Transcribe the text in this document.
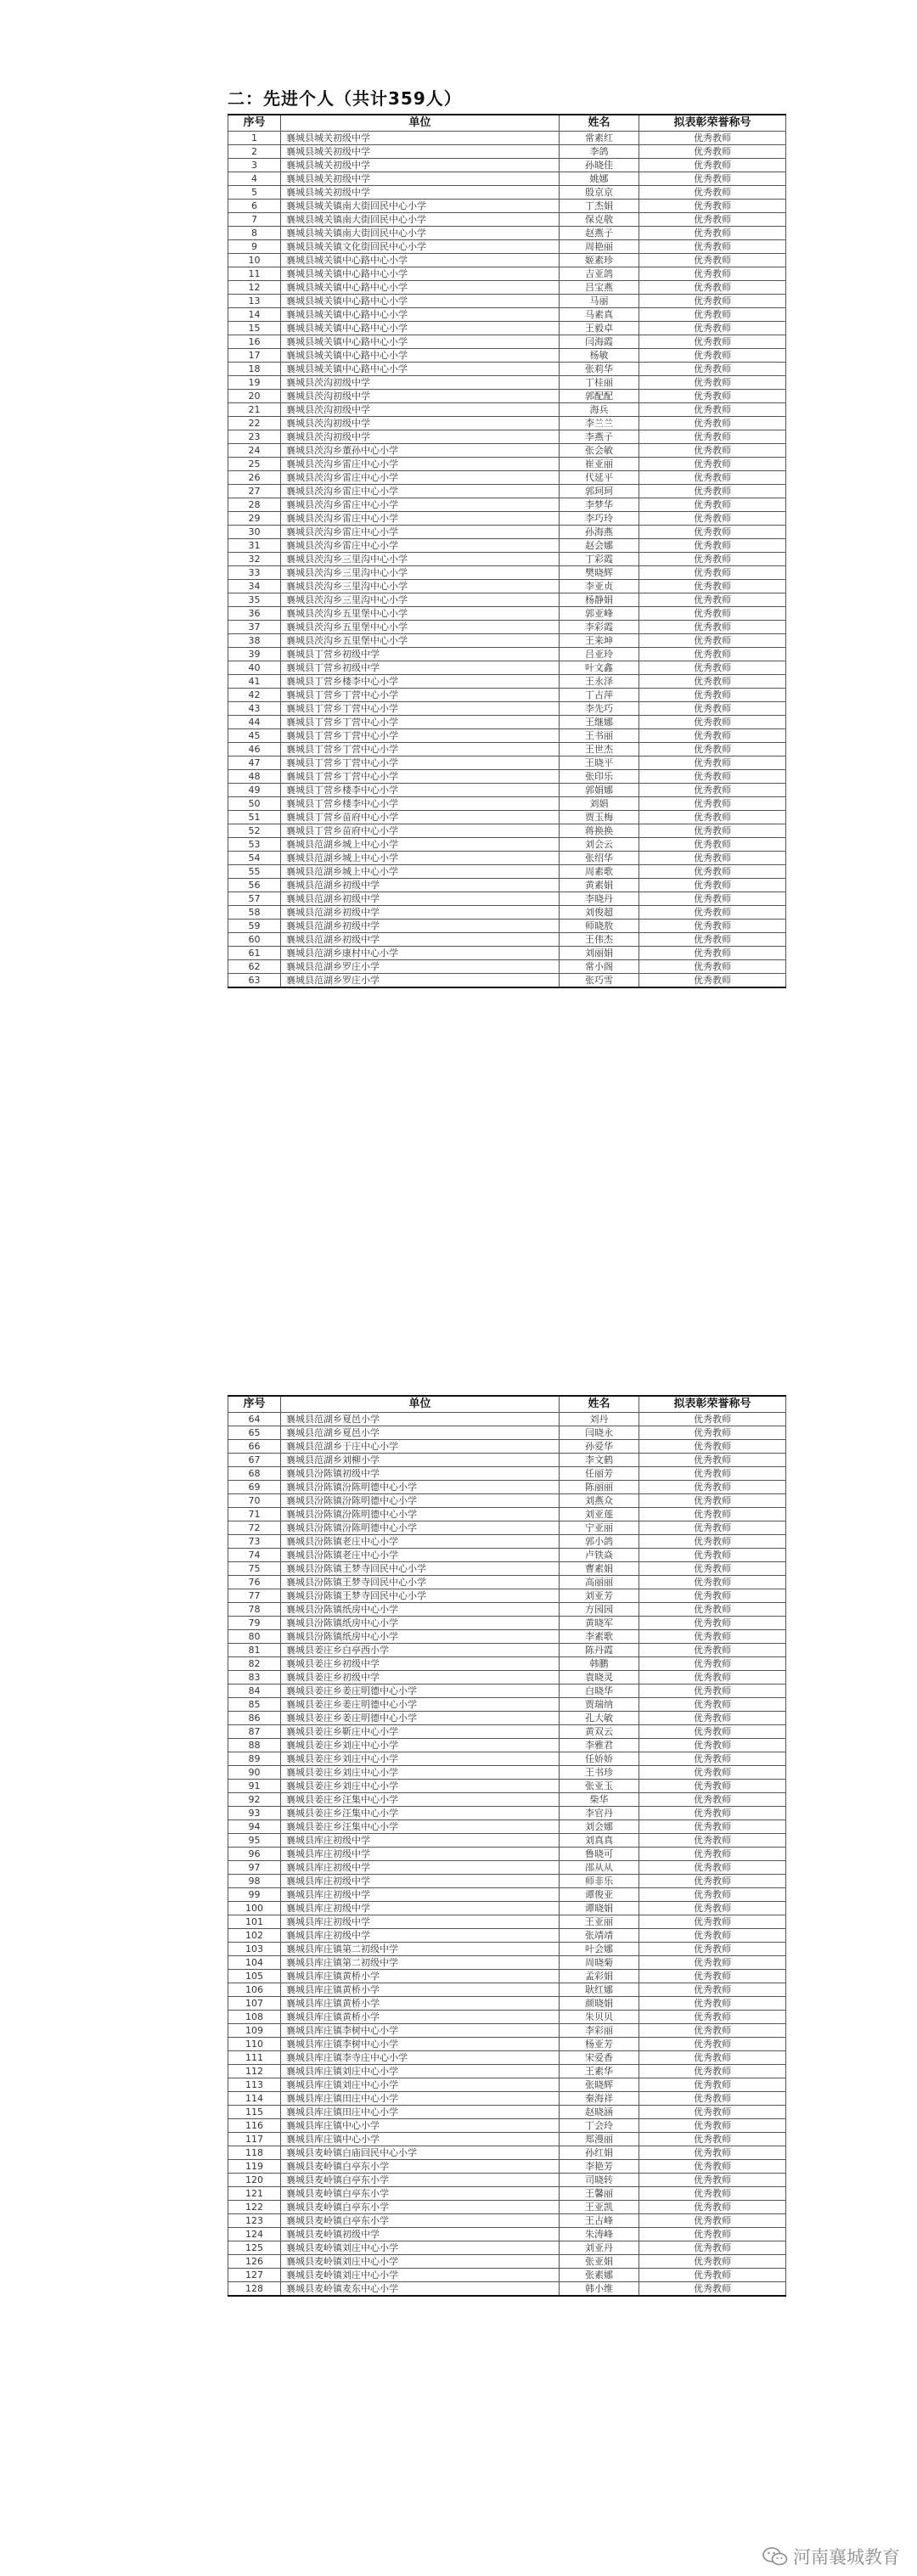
二：先进个人（共计359人）
序号	单位	姓名	拟表彰荣誉称号
1	襄城县城关初级中学	常素红	优秀教师
2	襄城县城关初级中学	李鸽	优秀教师
3	襄城县城关初级中学	孙晓佳	优秀教师
4	襄城县城关初级中学	姚娜	优秀教师
5	襄城县城关初级中学	殷京京	优秀教师
6	襄城县城关镇南大街回民中心小学	丁杰娟	优秀教师
7	襄城县城关镇南大街回民中心小学	保克敬	优秀教师
8	襄城县城关镇南大街回民中心小学	赵燕子	优秀教师
9	襄城县城关镇文化街回民中心小学	周艳丽	优秀教师
10	襄城县城关镇中心路中心小学	姬素珍	优秀教师
11	襄城县城关镇中心路中心小学	吉亚鸽	优秀教师
12	襄城县城关镇中心路中心小学	吕宝燕	优秀教师
13	襄城县城关镇中心路中心小学	马丽	优秀教师
14	襄城县城关镇中心路中心小学	马素真	优秀教师
15	襄城县城关镇中心路中心小学	王毅卓	优秀教师
16	襄城县城关镇中心路中心小学	闫海霞	优秀教师
17	襄城县城关镇中心路中心小学	杨敏	优秀教师
18	襄城县城关镇中心路中心小学	张莉华	优秀教师
19	襄城县茨沟初级中学	丁桂丽	优秀教师
20	襄城县茨沟初级中学	郭配配	优秀教师
21	襄城县茨沟初级中学	海兵	优秀教师
22	襄城县茨沟初级中学	李兰兰	优秀教师
23	襄城县茨沟初级中学	李燕子	优秀教师
24	襄城县茨沟乡董孙中心小学	张会敏	优秀教师
25	襄城县茨沟乡雷庄中心小学	崔亚丽	优秀教师
26	襄城县茨沟乡雷庄中心小学	代延平	优秀教师
27	襄城县茨沟乡雷庄中心小学	郭珂珂	优秀教师
28	襄城县茨沟乡雷庄中心小学	李梦华	优秀教师
29	襄城县茨沟乡雷庄中心小学	李巧玲	优秀教师
30	襄城县茨沟乡雷庄中心小学	孙海燕	优秀教师
31	襄城县茨沟乡雷庄中心小学	赵会娜	优秀教师
32	襄城县茨沟乡三里沟中心小学	丁彩霞	优秀教师
33	襄城县茨沟乡三里沟中心小学	樊晓辉	优秀教师
34	襄城县茨沟乡三里沟中心小学	李亚贞	优秀教师
35	襄城县茨沟乡三里沟中心小学	杨静娟	优秀教师
36	襄城县茨沟乡五里堡中心小学	郭亚峰	优秀教师
37	襄城县茨沟乡五里堡中心小学	李彩霞	优秀教师
38	襄城县茨沟乡五里堡中心小学	王来坤	优秀教师
39	襄城县丁营乡初级中学	吕亚玲	优秀教师
40	襄城县丁营乡初级中学	叶文鑫	优秀教师
41	襄城县丁营乡楼李中心小学	王永泽	优秀教师
42	襄城县丁营乡丁营中心小学	丁占萍	优秀教师
43	襄城县丁营乡丁营中心小学	李先巧	优秀教师
44	襄城县丁营乡丁营中心小学	王继娜	优秀教师
45	襄城县丁营乡丁营中心小学	王书丽	优秀教师
46	襄城县丁营乡丁营中心小学	王世杰	优秀教师
47	襄城县丁营乡丁营中心小学	王晓平	优秀教师
48	襄城县丁营乡丁营中心小学	张印乐	优秀教师
49	襄城县丁营乡楼李中心小学	郭娟娜	优秀教师
50	襄城县丁营乡楼李中心小学	刘娟	优秀教师
51	襄城县丁营乡苗府中心小学	贾玉梅	优秀教师
52	襄城县丁营乡苗府中心小学	蒋换换	优秀教师
53	襄城县范湖乡城上中心小学	刘会云	优秀教师
54	襄城县范湖乡城上中心小学	张绍华	优秀教师
55	襄城县范湖乡城上中心小学	周素歌	优秀教师
56	襄城县范湖乡初级中学	黄素娟	优秀教师
57	襄城县范湖乡初级中学	李晓丹	优秀教师
58	襄城县范湖乡初级中学	刘俊超	优秀教师
59	襄城县范湖乡初级中学	师晓敖	优秀教师
60	襄城县范湖乡初级中学	王伟杰	优秀教师
61	襄城县范湖乡康村中心小学	刘丽娟	优秀教师
62	襄城县范湖乡罗庄小学	常小阁	优秀教师
63	襄城县范湖乡罗庄小学	张巧雪	优秀教师
序号	单位	姓名	拟表彰荣誉称号
64	襄城县范湖乡夏邑小学	刘丹	优秀教师
65	襄城县范湖乡夏邑小学	闫晓永	优秀教师
66	襄城县范湖乡于庄中心小学	孙爱华	优秀教师
67	襄城县范湖乡刘柳小学	李文鹤	优秀教师
68	襄城县汾陈镇初级中学	任丽芳	优秀教师
69	襄城县汾陈镇汾陈明德中心小学	陈丽丽	优秀教师
70	襄城县汾陈镇汾陈明德中心小学	刘燕众	优秀教师
71	襄城县汾陈镇汾陈明德中心小学	刘亚莲	优秀教师
72	襄城县汾陈镇汾陈明德中心小学	宁亚丽	优秀教师
73	襄城县汾陈镇老庄中心小学	郭小鸽	优秀教师
74	襄城县汾陈镇老庄中心小学	卢铁焱	优秀教师
75	襄城县汾陈镇王梦寺回民中心小学	曹素娟	优秀教师
76	襄城县汾陈镇王梦寺回民中心小学	高丽丽	优秀教师
77	襄城县汾陈镇王梦寺回民中心小学	刘亚芳	优秀教师
78	襄城县汾陈镇纸房中心小学	方园园	优秀教师
79	襄城县汾陈镇纸房中心小学	黄晓军	优秀教师
80	襄城县汾陈镇纸房中心小学	李素歌	优秀教师
81	襄城县姜庄乡白亭西小学	陈丹霞	优秀教师
82	襄城县姜庄乡初级中学	韩鹏	优秀教师
83	襄城县姜庄乡初级中学	袁晓灵	优秀教师
84	襄城县姜庄乡姜庄明德中心小学	白晓华	优秀教师
85	襄城县姜庄乡姜庄明德中心小学	贾瑞纳	优秀教师
86	襄城县姜庄乡姜庄明德中心小学	孔大敏	优秀教师
87	襄城县姜庄乡靳庄中心小学	黄双云	优秀教师
88	襄城县姜庄乡刘庄中心小学	李雅君	优秀教师
89	襄城县姜庄乡刘庄中心小学	任娇娇	优秀教师
90	襄城县姜庄乡刘庄中心小学	王书珍	优秀教师
91	襄城县姜庄乡刘庄中心小学	张亚玉	优秀教师
92	襄城县姜庄乡汪集中心小学	柴华	优秀教师
93	襄城县姜庄乡汪集中心小学	李官丹	优秀教师
94	襄城县姜庄乡汪集中心小学	刘会娜	优秀教师
95	襄城县库庄初级中学	刘真真	优秀教师
96	襄城县库庄初级中学	鲁晓可	优秀教师
97	襄城县库庄初级中学	邵从从	优秀教师
98	襄城县库庄初级中学	师非乐	优秀教师
99	襄城县库庄初级中学	谭俊亚	优秀教师
100	襄城县库庄初级中学	谭晓娟	优秀教师
101	襄城县库庄初级中学	王亚丽	优秀教师
102	襄城县库庄初级中学	张靖靖	优秀教师
103	襄城县库庄镇第二初级中学	叶会娜	优秀教师
104	襄城县库庄镇第二初级中学	周晓菊	优秀教师
105	襄城县库庄镇黄桥小学	孟彩娟	优秀教师
106	襄城县库庄镇黄桥小学	耿红娜	优秀教师
107	襄城县库庄镇黄桥小学	颜晓娟	优秀教师
108	襄城县库庄镇黄桥小学	朱贝贝	优秀教师
109	襄城县库庄镇李树中心小学	李彩丽	优秀教师
110	襄城县库庄镇李树中心小学	杨亚芳	优秀教师
111	襄城县库庄镇李寺庄中心小学	宋爱香	优秀教师
112	襄城县库庄镇刘庄中心小学	王素华	优秀教师
113	襄城县库庄镇刘庄中心小学	张晓辉	优秀教师
114	襄城县库庄镇田庄中心小学	秦海祥	优秀教师
115	襄城县库庄镇田庄中心小学	赵晓涵	优秀教师
116	襄城县库庄镇中心小学	丁会玲	优秀教师
117	襄城县库庄镇中心小学	郑漫丽	优秀教师
118	襄城县麦岭镇白庙回民中心小学	孙红娟	优秀教师
119	襄城县麦岭镇白亭东小学	李艳芳	优秀教师
120	襄城县麦岭镇白亭东小学	司晓转	优秀教师
121	襄城县麦岭镇白亭东小学	王馨丽	优秀教师
122	襄城县麦岭镇白亭东小学	王亚凯	优秀教师
123	襄城县麦岭镇白亭东小学	王占峰	优秀教师
124	襄城县麦岭镇初级中学	朱涛峰	优秀教师
125	襄城县麦岭镇刘庄中心小学	刘亚丹	优秀教师
126	襄城县麦岭镇刘庄中心小学	张亚娟	优秀教师
127	襄城县麦岭镇刘庄中心小学	张素娜	优秀教师
128	襄城县麦岭镇麦东中心小学	韩小维	优秀教师
河南襄城教育
